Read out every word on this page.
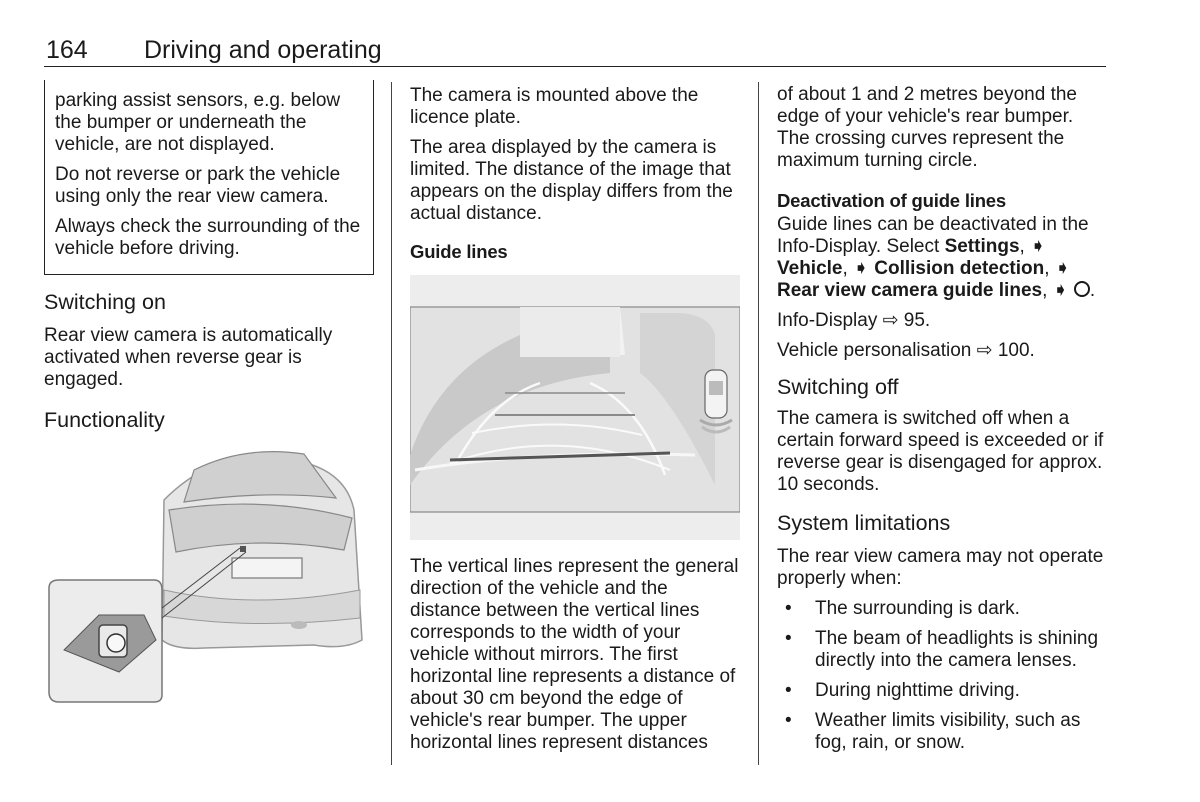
164 Driving and operating

parking assist sensors, e.g. below the bumper or underneath the vehicle, are not displayed.

Do not reverse or park the vehicle using only the rear view camera.

Always check the surrounding of the vehicle before driving.

Switching on

Rear view camera is automatically activated when reverse gear is engaged.

Functionality

The camera is mounted above the licence plate.

The area displayed by the camera is limited. The distance of the image that appears on the display differs from the actual distance.

Guide lines

The vertical lines represent the general direction of the vehicle and the distance between the vertical lines corresponds to the width of your vehicle without mirrors. The first horizontal line represents a distance of about 30 cm beyond the edge of vehicle's rear bumper. The upper horizontal lines represent distances

of about 1 and 2 metres beyond the edge of your vehicle's rear bumper. The crossing curves represent the maximum turning circle.

Deactivation of guide lines

Guide lines can be deactivated in the Info-Display. Select Settings, ➧ Vehicle, ➧ Collision detection, ➧ Rear view camera guide lines, ➧ .

Info-Display ⇨ 95.

Vehicle personalisation ⇨ 100.

Switching off

The camera is switched off when a certain forward speed is exceeded or if reverse gear is disengaged for approx. 10 seconds.

System limitations

The rear view camera may not operate properly when:

• The surrounding is dark.
• The beam of headlights is shining directly into the camera lenses.
• During nighttime driving.
• Weather limits visibility, such as fog, rain, or snow.
